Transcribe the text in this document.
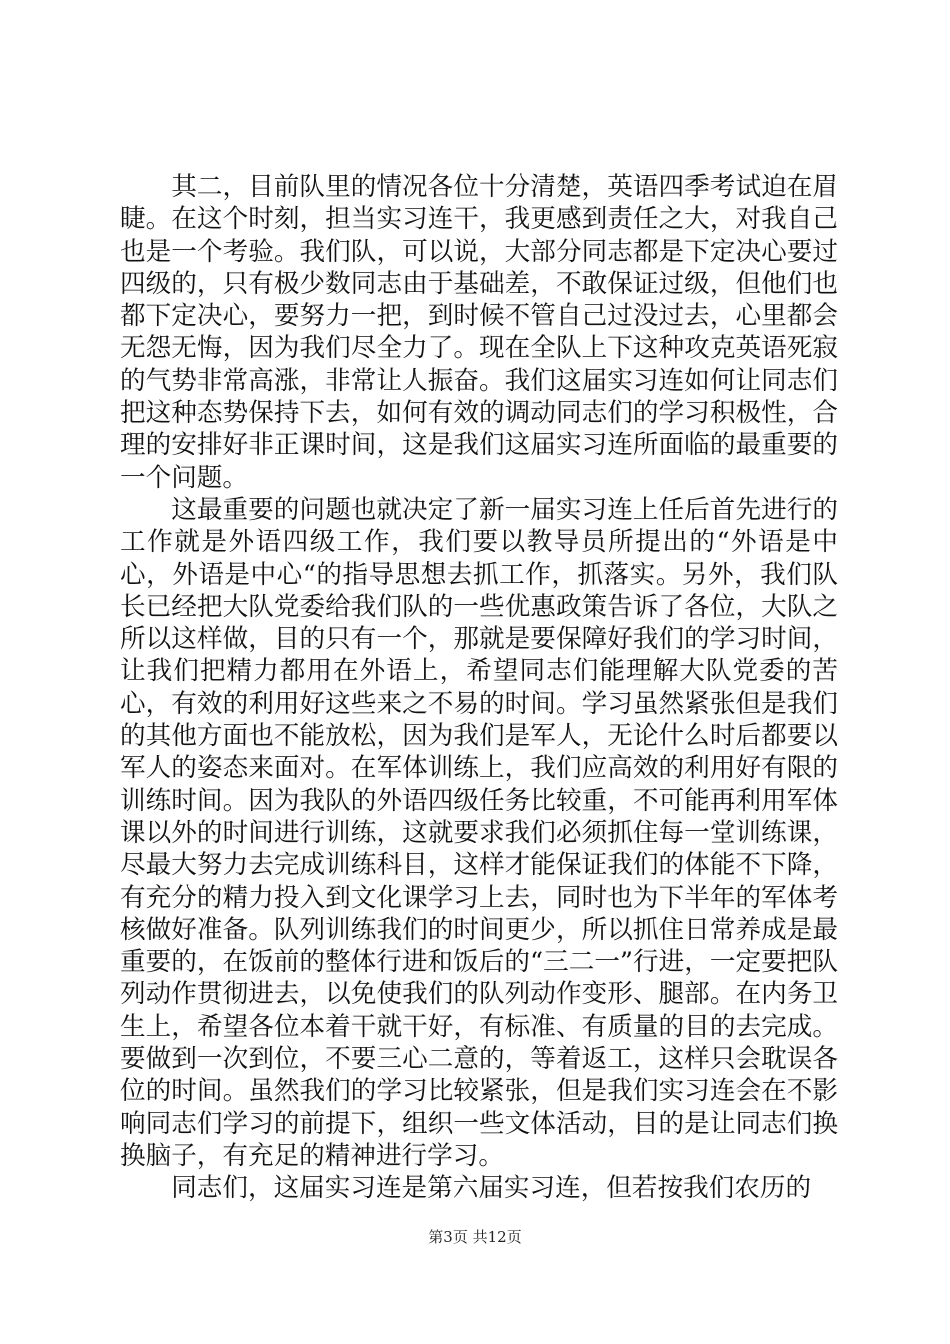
其二，目前队里的情况各位十分清楚，英语四季考试迫在眉睫。在这个时刻，担当实习连干，我更感到责任之大，对我自己也是一个考验。我们队，可以说，大部分同志都是下定决心要过四级的，只有极少数同志由于基础差，不敢保证过级，但他们也都下定决心，要努力一把，到时候不管自己过没过去，心里都会无怨无悔，因为我们尽全力了。现在全队上下这种攻克英语死寂的气势非常高涨，非常让人振奋。我们这届实习连如何让同志们把这种态势保持下去，如何有效的调动同志们的学习积极性，合理的安排好非正课时间，这是我们这届实习连所面临的最重要的一个问题。

这最重要的问题也就决定了新一届实习连上任后首先进行的工作就是外语四级工作，我们要以教导员所提出的“外语是中心，外语是中心“的指导思想去抓工作，抓落实。另外，我们队长已经把大队党委给我们队的一些优惠政策告诉了各位，大队之所以这样做，目的只有一个，那就是要保障好我们的学习时间，让我们把精力都用在外语上，希望同志们能理解大队党委的苦心，有效的利用好这些来之不易的时间。学习虽然紧张但是我们的其他方面也不能放松，因为我们是军人，无论什么时后都要以军人的姿态来面对。在军体训练上，我们应高效的利用好有限的训练时间。因为我队的外语四级任务比较重，不可能再利用军体课以外的时间进行训练，这就要求我们必须抓住每一堂训练课，尽最大努力去完成训练科目，这样才能保证我们的体能不下降，有充分的精力投入到文化课学习上去，同时也为下半年的军体考核做好准备。队列训练我们的时间更少，所以抓住日常养成是最重要的，在饭前的整体行进和饭后的“三二一”行进，一定要把队列动作贯彻进去，以免使我们的队列动作变形、腿部。在内务卫生上，希望各位本着干就干好，有标准、有质量的目的去完成。要做到一次到位，不要三心二意的，等着返工，这样只会耽误各位的时间。虽然我们的学习比较紧张，但是我们实习连会在不影响同志们学习的前提下，组织一些文体活动，目的是让同志们换换脑子，有充足的精神进行学习。

同志们，这届实习连是第六届实习连，但若按我们农历的

第3页 共12页
